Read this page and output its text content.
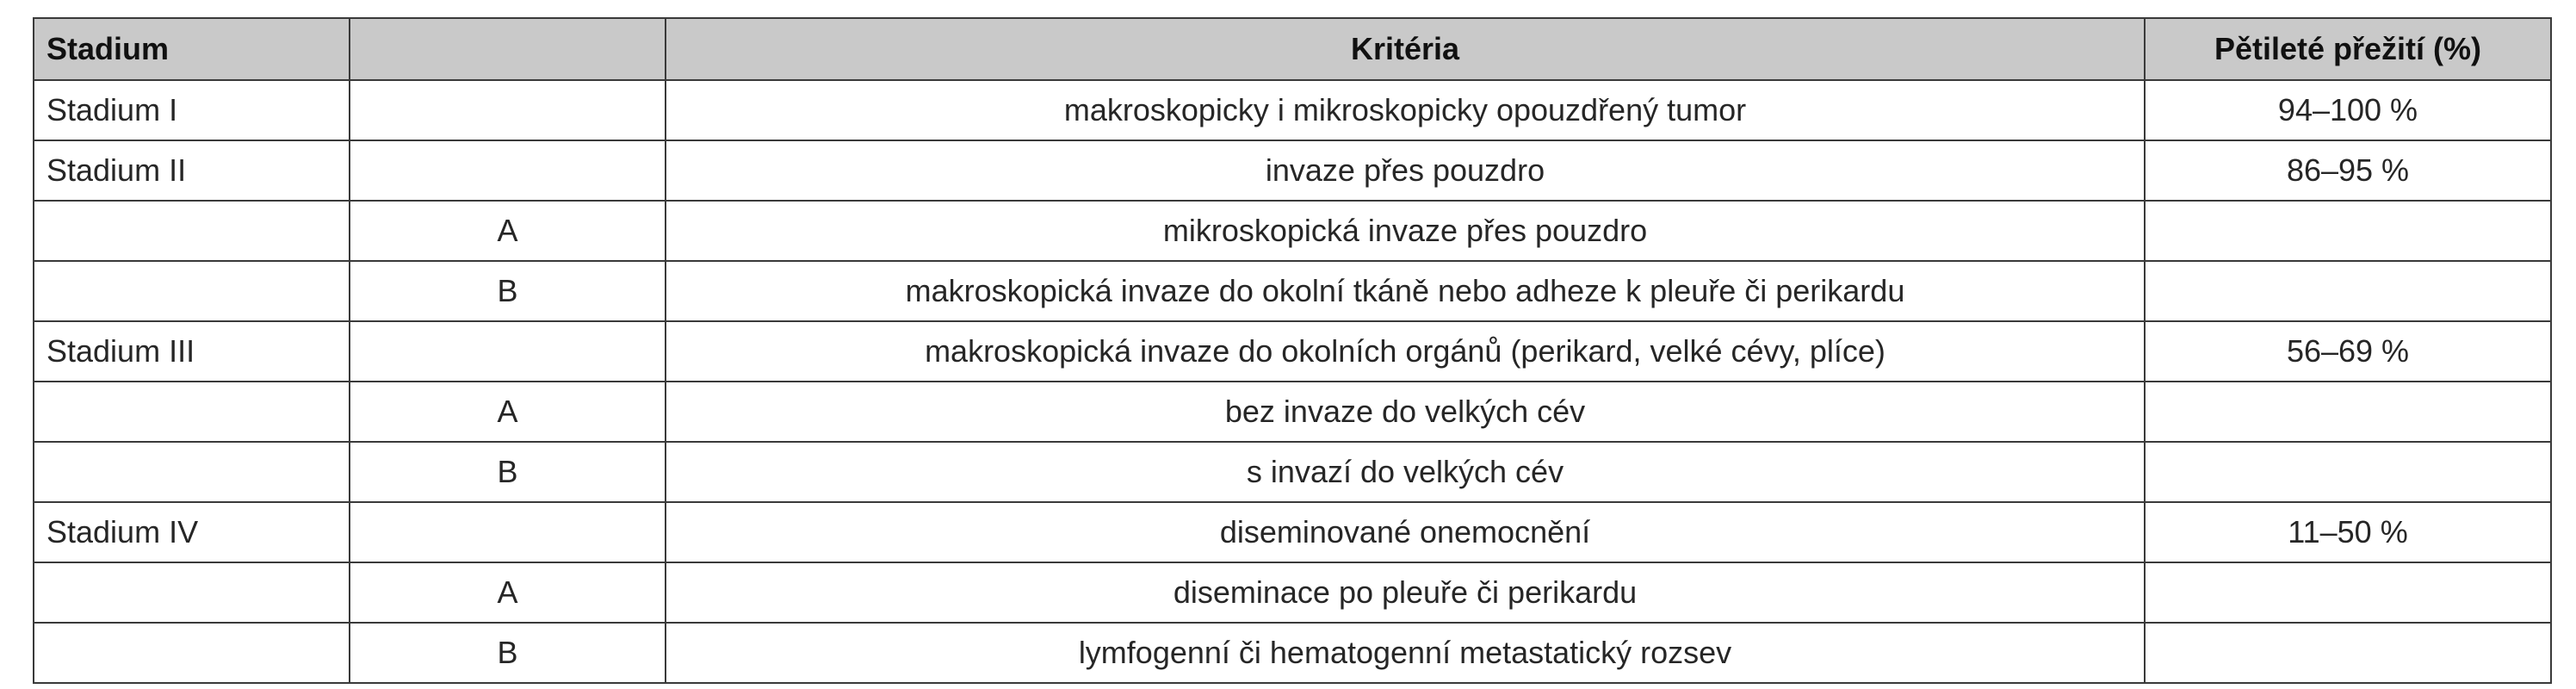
Stadium		Kritéria	Pětileté přežití (%)
Stadium I		makroskopicky i mikroskopicky opouzdřený tumor	94–100 %
Stadium II		invaze přes pouzdro	86–95 %
	A	mikroskopická invaze přes pouzdro	
	B	makroskopická invaze do okolní tkáně nebo adheze k pleuře či perikardu	
Stadium III		makroskopická invaze do okolních orgánů (perikard, velké cévy, plíce)	56–69 %
	A	bez invaze do velkých cév	
	B	s invazí do velkých cév	
Stadium IV		diseminované onemocnění	11–50 %
	A	diseminace po pleuře či perikardu	
	B	lymfogenní či hematogenní metastatický rozsev	
